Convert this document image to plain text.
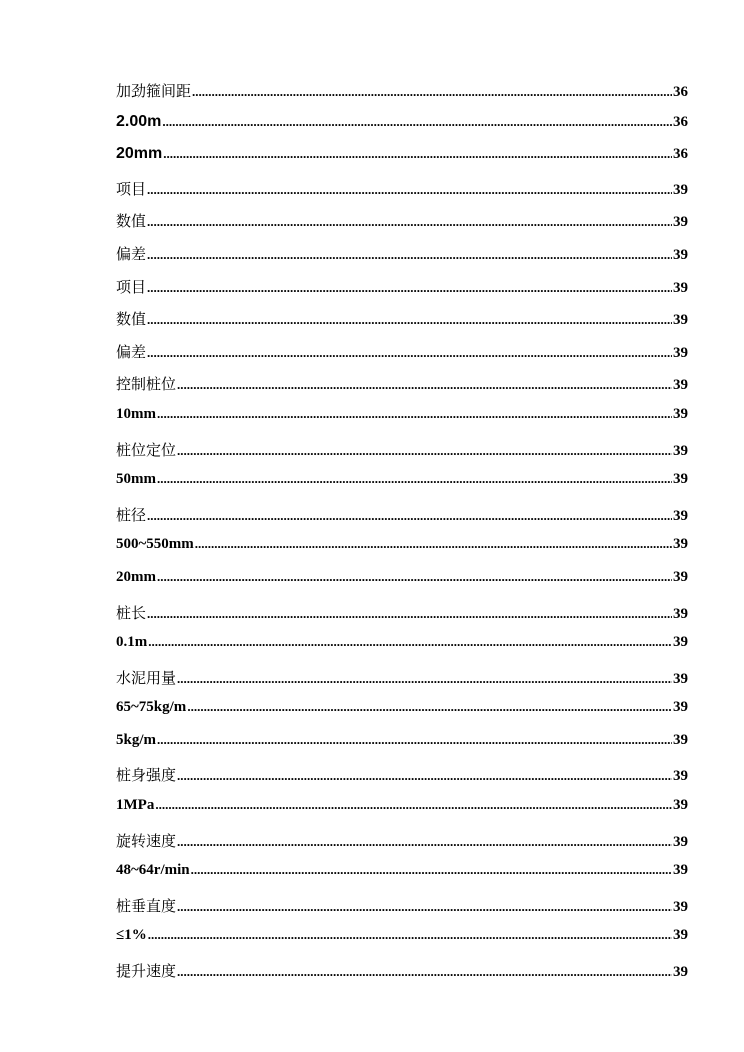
加劲箍间距 .....	36
2.00m .....	36
20mm .....	36
项目 .....	39
数值 .....	39
偏差 .....	39
项目 .....	39
数值 .....	39
偏差 .....	39
控制桩位 .....	39
10mm .....	39
桩位定位 .....	39
50mm .....	39
桩径 .....	39
500~550mm .....	39
20mm .....	39
桩长 .....	39
0.1m .....	39
水泥用量 .....	39
65~75kg/m .....	39
5kg/m .....	39
桩身强度 .....	39
1MPa .....	39
旋转速度 .....	39
48~64r/min .....	39
桩垂直度 .....	39
≤1% .....	39
提升速度 .....	39
